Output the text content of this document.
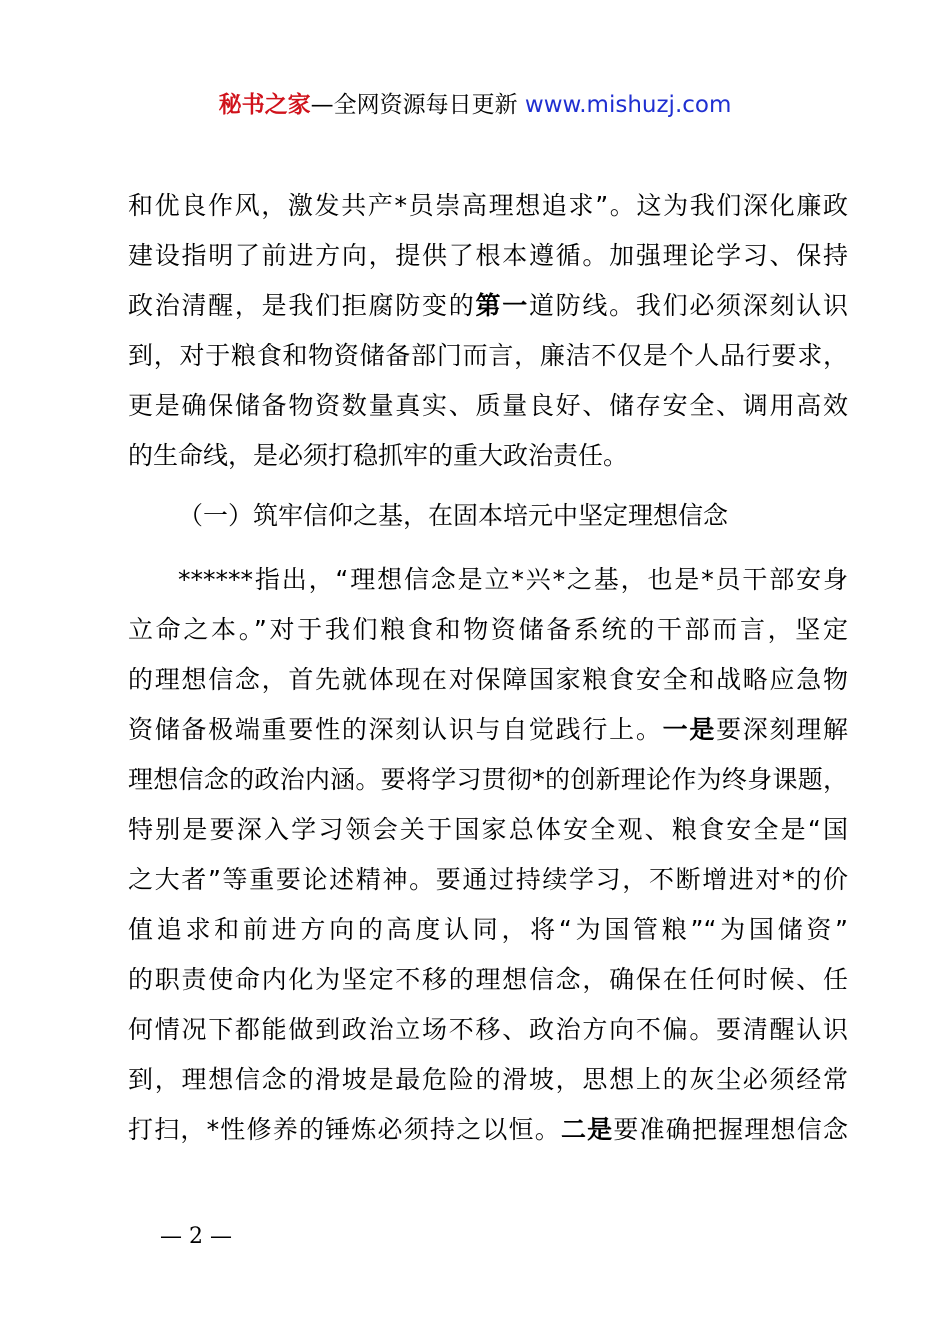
秘书之家—全网资源每日更新 www.mishuzj.com
和优良作风，激发共产*员崇高理想追求”。这为我们深化廉政
建设指明了前进方向，提供了根本遵循。加强理论学习、保持
政治清醒，是我们拒腐防变的第一道防线。我们必须深刻认识
到，对于粮食和物资储备部门而言，廉洁不仅是个人品行要求，
更是确保储备物资数量真实、质量良好、储存安全、调用高效
的生命线，是必须打稳抓牢的重大政治责任。
（一）筑牢信仰之基，在固本培元中坚定理想信念
******指出，“理想信念是立*兴*之基，也是*员干部安身
立命之本。”对于我们粮食和物资储备系统的干部而言，坚定
的理想信念，首先就体现在对保障国家粮食安全和战略应急物
资储备极端重要性的深刻认识与自觉践行上。一是要深刻理解
理想信念的政治内涵。要将学习贯彻*的创新理论作为终身课题，
特别是要深入学习领会关于国家总体安全观、粮食安全是“国
之大者”等重要论述精神。要通过持续学习，不断增进对*的价
值追求和前进方向的高度认同，将“为国管粮”“为国储资”
的职责使命内化为坚定不移的理想信念，确保在任何时候、任
何情况下都能做到政治立场不移、政治方向不偏。要清醒认识
到，理想信念的滑坡是最危险的滑坡，思想上的灰尘必须经常
打扫，*性修养的锤炼必须持之以恒。二是要准确把握理想信念
— 2 —
